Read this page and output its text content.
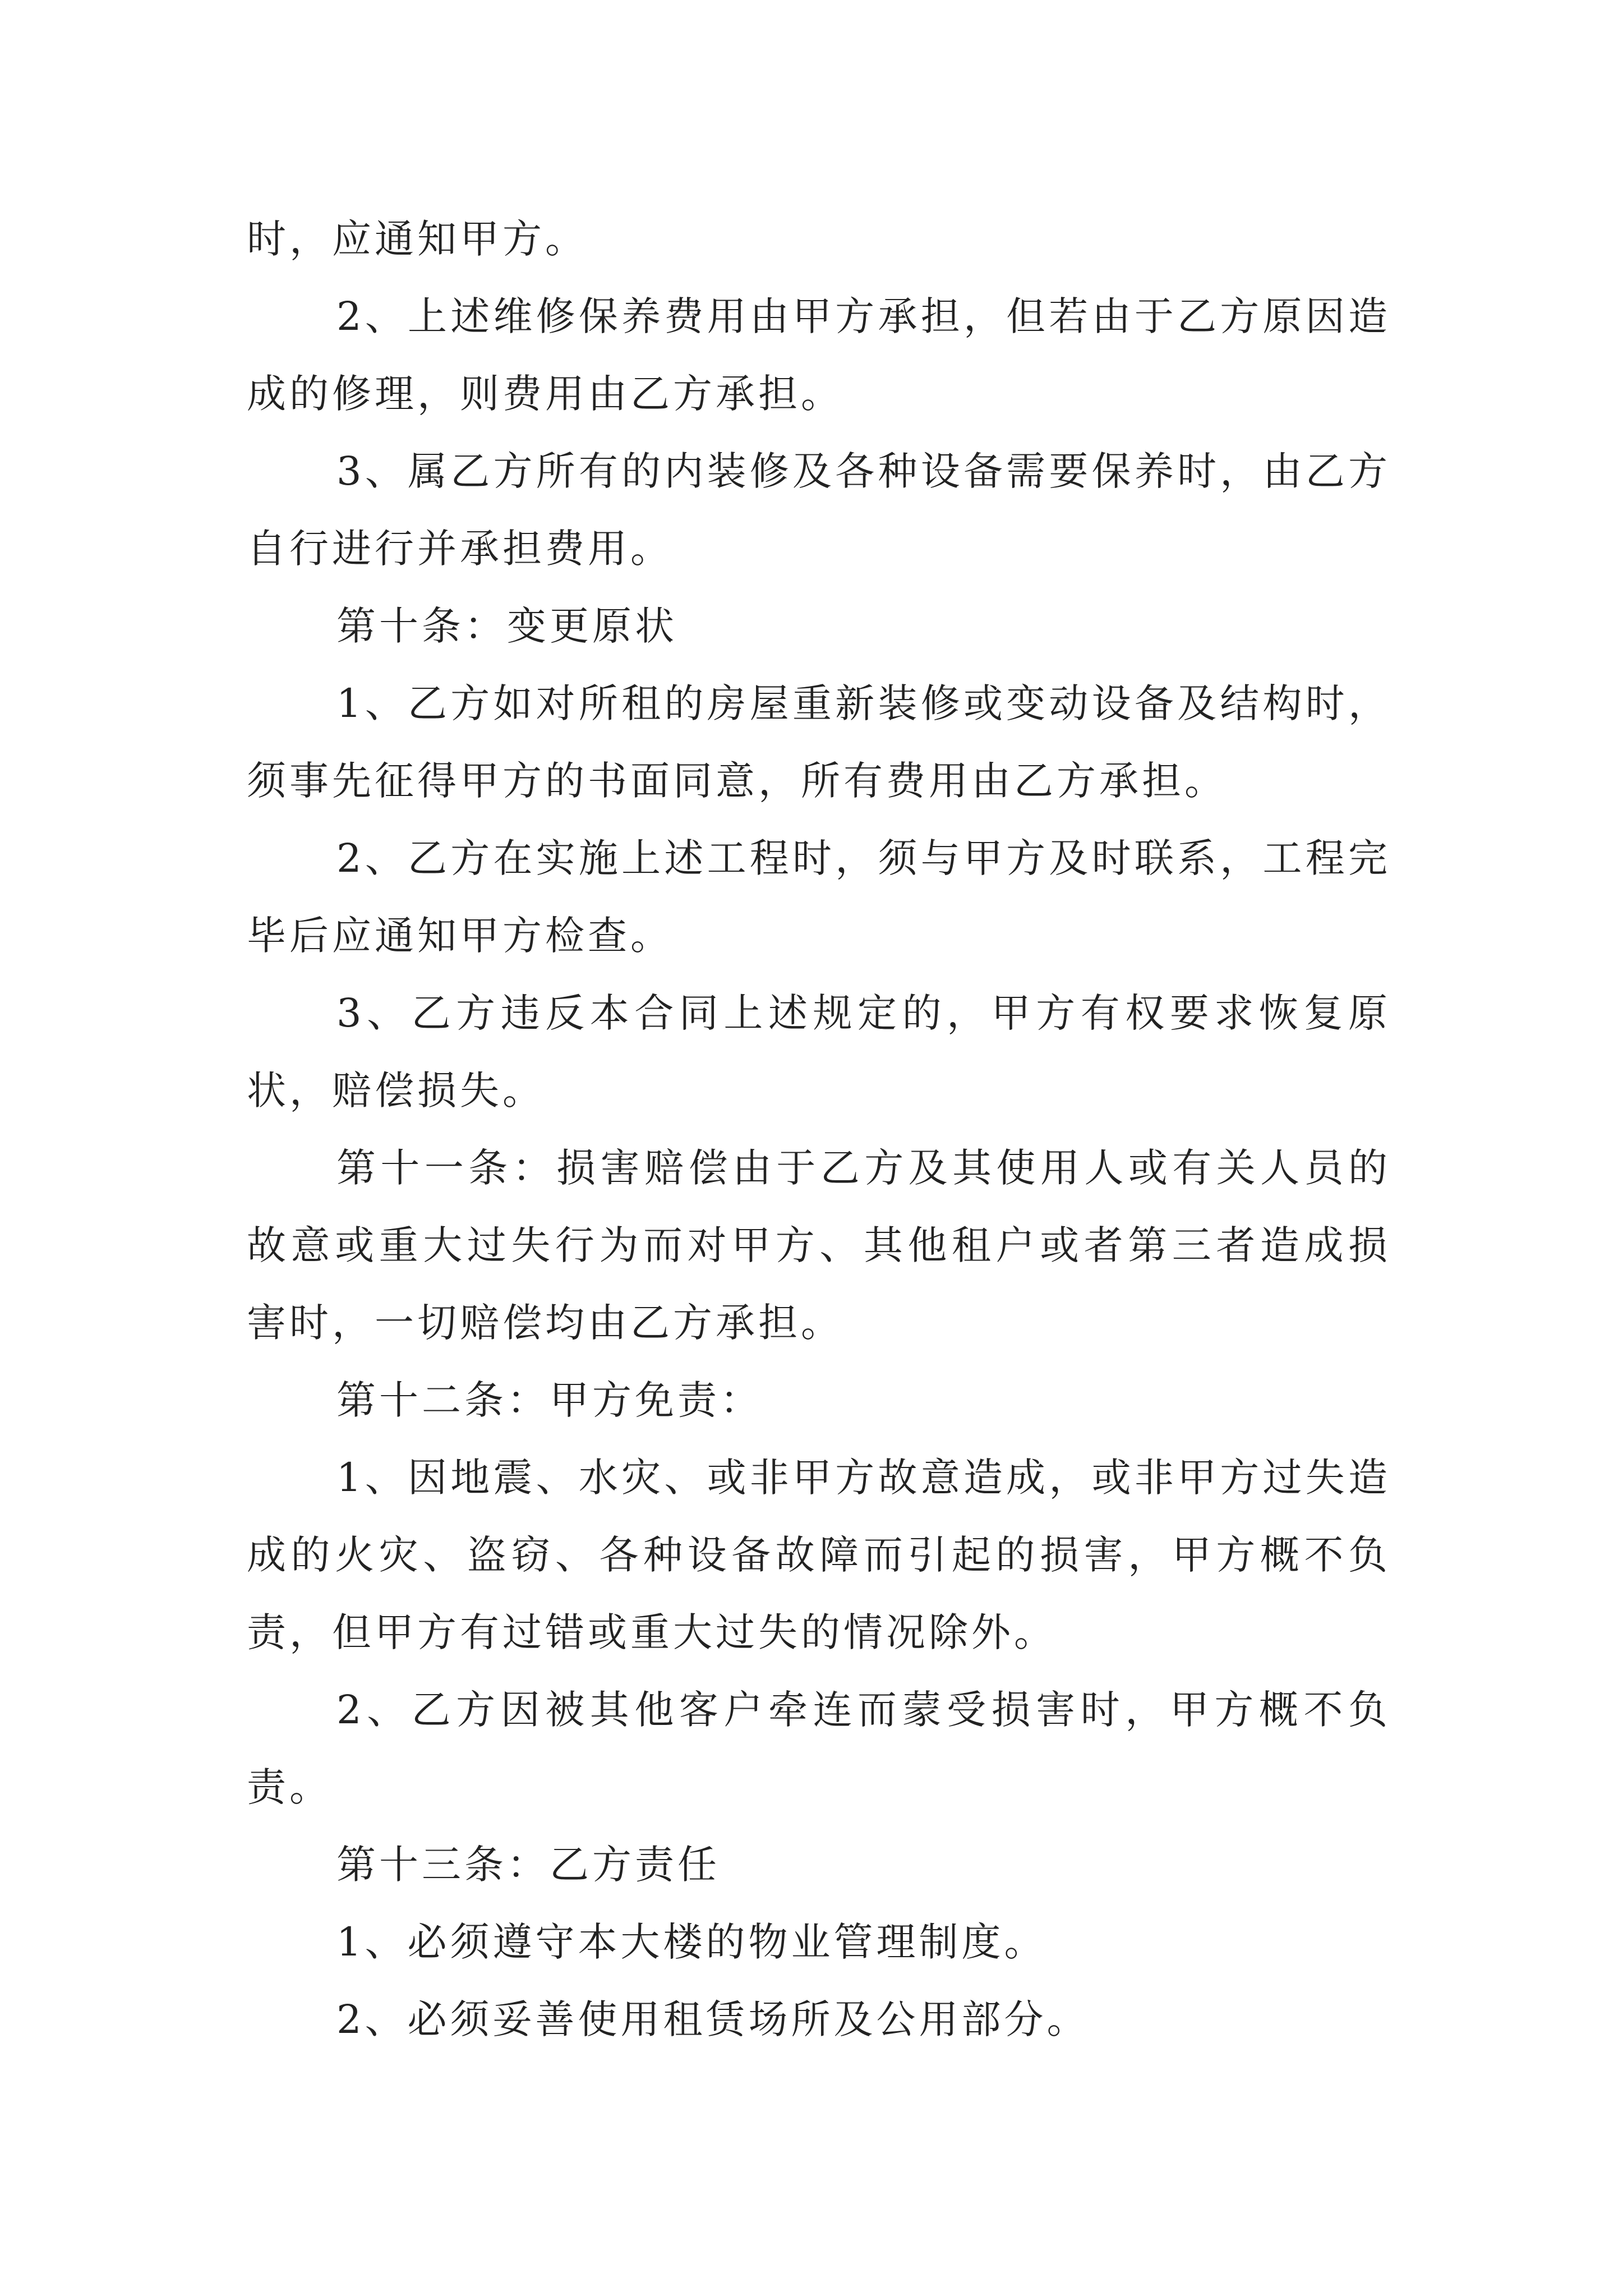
时，应通知甲方。

2、上述维修保养费用由甲方承担，但若由于乙方原因造成的修理，则费用由乙方承担。

3、属乙方所有的内装修及各种设备需要保养时，由乙方自行进行并承担费用。

第十条：变更原状

1、乙方如对所租的房屋重新装修或变动设备及结构时，须事先征得甲方的书面同意，所有费用由乙方承担。

2、乙方在实施上述工程时，须与甲方及时联系，工程完毕后应通知甲方检查。

3、乙方违反本合同上述规定的，甲方有权要求恢复原状，赔偿损失。

第十一条：损害赔偿由于乙方及其使用人或有关人员的故意或重大过失行为而对甲方、其他租户或者第三者造成损害时，一切赔偿均由乙方承担。

第十二条：甲方免责：

1、因地震、水灾、或非甲方故意造成，或非甲方过失造成的火灾、盗窃、各种设备故障而引起的损害，甲方概不负责，但甲方有过错或重大过失的情况除外。

2、乙方因被其他客户牵连而蒙受损害时，甲方概不负责。

第十三条：乙方责任

1、必须遵守本大楼的物业管理制度。

2、必须妥善使用租赁场所及公用部分。
